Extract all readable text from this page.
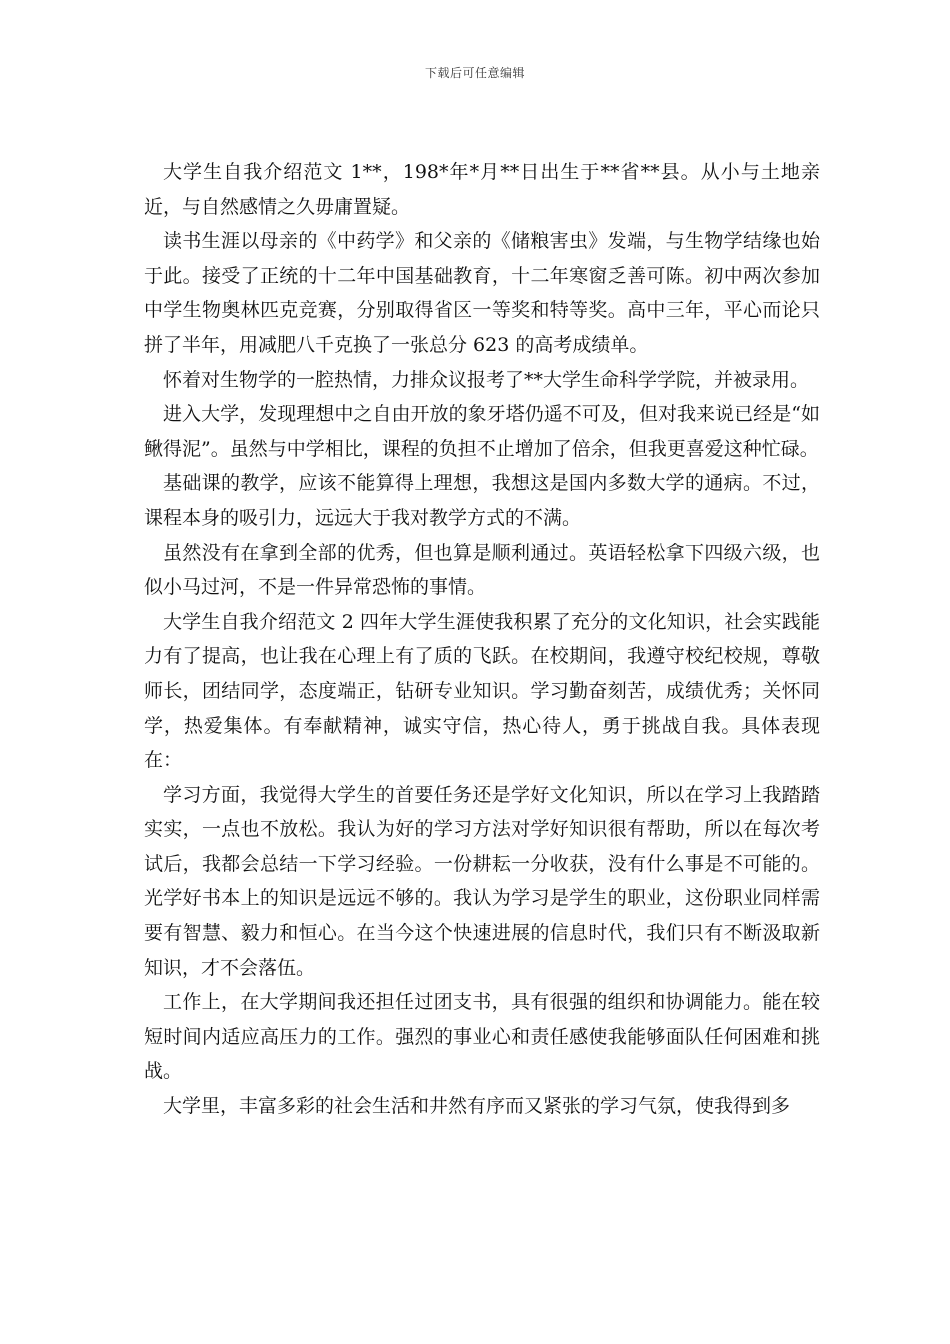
下载后可任意编辑

大学生自我介绍范文 1**，198*年*月**日出生于**省**县。从小与土地亲近，与自然感情之久毋庸置疑。

读书生涯以母亲的《中药学》和父亲的《储粮害虫》发端，与生物学结缘也始于此。接受了正统的十二年中国基础教育，十二年寒窗乏善可陈。初中两次参加中学生物奥林匹克竞赛，分别取得省区一等奖和特等奖。高中三年，平心而论只拼了半年，用减肥八千克换了一张总分 623 的高考成绩单。

怀着对生物学的一腔热情，力排众议报考了**大学生命科学学院，并被录用。

进入大学，发现理想中之自由开放的象牙塔仍遥不可及，但对我来说已经是“如鳅得泥”。虽然与中学相比，课程的负担不止增加了倍余，但我更喜爱这种忙碌。

基础课的教学，应该不能算得上理想，我想这是国内多数大学的通病。不过，课程本身的吸引力，远远大于我对教学方式的不满。

虽然没有在拿到全部的优秀，但也算是顺利通过。英语轻松拿下四级六级，也似小马过河，不是一件异常恐怖的事情。

大学生自我介绍范文 2 四年大学生涯使我积累了充分的文化知识，社会实践能力有了提高，也让我在心理上有了质的飞跃。在校期间，我遵守校纪校规，尊敬师长，团结同学，态度端正，钻研专业知识。学习勤奋刻苦，成绩优秀；关怀同学，热爱集体。有奉献精神，诚实守信，热心待人，勇于挑战自我。具体表现在：

学习方面，我觉得大学生的首要任务还是学好文化知识，所以在学习上我踏踏实实，一点也不放松。我认为好的学习方法对学好知识很有帮助，所以在每次考试后，我都会总结一下学习经验。一份耕耘一分收获，没有什么事是不可能的。光学好书本上的知识是远远不够的。我认为学习是学生的职业，这份职业同样需要有智慧、毅力和恒心。在当今这个快速进展的信息时代，我们只有不断汲取新知识，才不会落伍。

工作上，在大学期间我还担任过团支书，具有很强的组织和协调能力。能在较短时间内适应高压力的工作。强烈的事业心和责任感使我能够面队任何困难和挑战。

大学里，丰富多彩的社会生活和井然有序而又紧张的学习气氛，使我得到多
